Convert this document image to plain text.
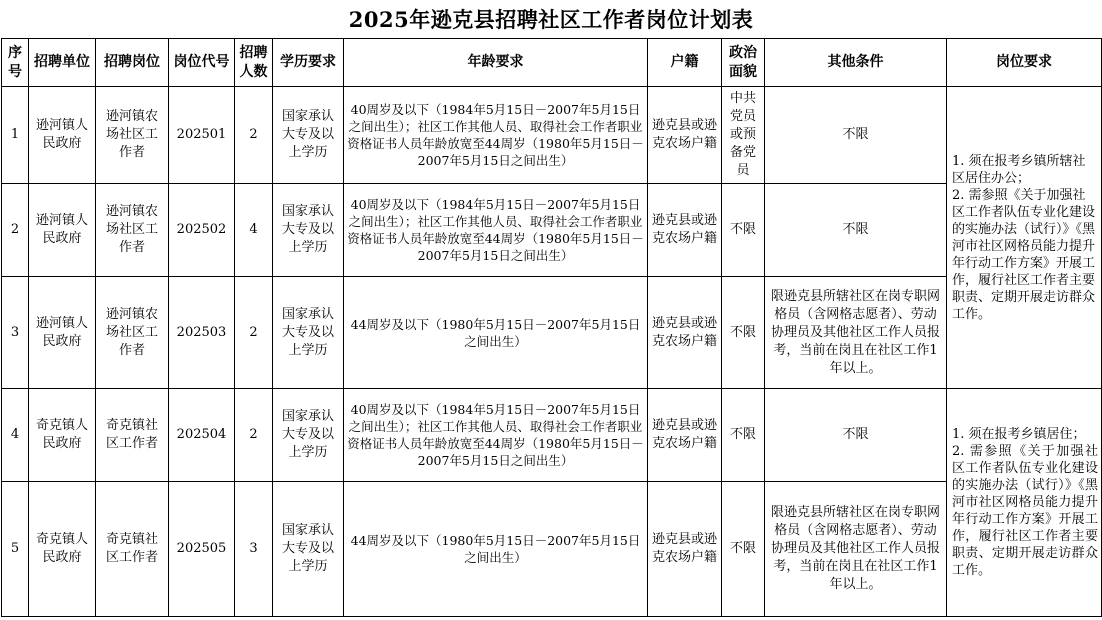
2025年逊克县招聘社区工作者岗位计划表
序号	招聘单位	招聘岗位	岗位代号	招聘人数	学历要求	年龄要求	户籍	政治面貌	其他条件	岗位要求
1	逊河镇人民政府	逊河镇农场社区工作者	202501	2	国家承认大专及以上学历	40周岁及以下（1984年5月15日－2007年5月15日之间出生）；社区工作其他人员、取得社会工作者职业资格证书人员年龄放宽至44周岁（1980年5月15日－2007年5月15日之间出生）	逊克县或逊克农场户籍	中共党员或预备党员	不限	1. 须在报考乡镇所辖社区居住办公；
2. 需参照《关于加强社区工作者队伍专业化建设的实施办法（试行）》《黑河市社区网格员能力提升年行动工作方案》开展工作，履行社区工作者主要职责、定期开展走访群众工作。

2	逊河镇人民政府	逊河镇农场社区工作者	202502	4	国家承认大专及以上学历	40周岁及以下（1984年5月15日－2007年5月15日之间出生）；社区工作其他人员、取得社会工作者职业资格证书人员年龄放宽至44周岁（1980年5月15日－2007年5月15日之间出生）	逊克县或逊克农场户籍	不限	不限	
3	逊河镇人民政府	逊河镇农场社区工作者	202503	2	国家承认大专及以上学历	44周岁及以下（1980年5月15日－2007年5月15日之间出生）	逊克县或逊克农场户籍	不限	限逊克县所辖社区在岗专职网格员（含网格志愿者）、劳动协理员及其他社区工作人员报考，当前在岗且在社区工作1年以上。	
4	奇克镇人民政府	奇克镇社区工作者	202504	2	国家承认大专及以上学历	40周岁及以下（1984年5月15日－2007年5月15日之间出生）；社区工作其他人员、取得社会工作者职业资格证书人员年龄放宽至44周岁（1980年5月15日－2007年5月15日之间出生）	逊克县或逊克农场户籍	不限	不限	1. 须在报考乡镇居住；
2. 需参照《关于加强社区工作者队伍专业化建设的实施办法（试行）》《黑河市社区网格员能力提升年行动工作方案》开展工作，履行社区工作者主要职责、定期开展走访群众工作。

5	奇克镇人民政府	奇克镇社区工作者	202505	3	国家承认大专及以上学历	44周岁及以下（1980年5月15日－2007年5月15日之间出生）	逊克县或逊克农场户籍	不限	限逊克县所辖社区在岗专职网格员（含网格志愿者）、劳动协理员及其他社区工作人员报考，当前在岗且在社区工作1年以上。	
